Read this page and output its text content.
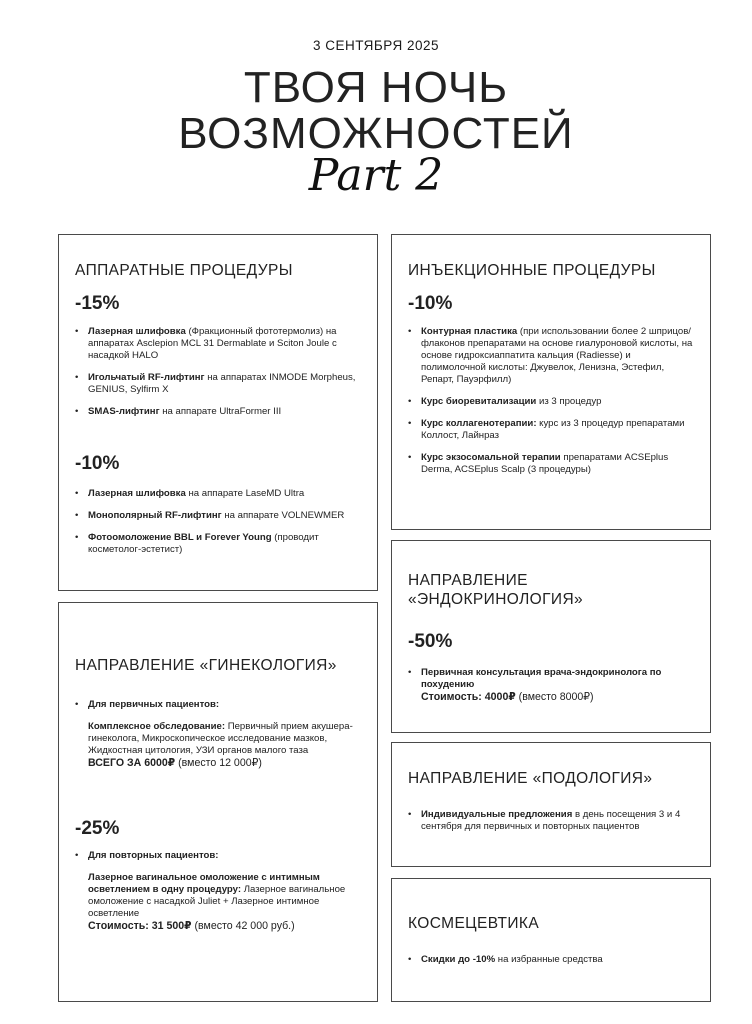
3 СЕНТЯБРЯ 2025
ТВОЯ НОЧЬ
ВОЗМОЖНОСТЕЙ
Part 2
АППАРАТНЫЕ ПРОЦЕДУРЫ
-15%
• Лазерная шлифовка (Фракционный фототермолиз) на аппаратах Asclepion MCL 31 Dermablate и Sciton Joule с насадкой HALO
• Игольчатый RF-лифтинг на аппаратах INMODE Morpheus, GENIUS, Sylfirm X
• SMAS-лифтинг на аппарате UltraFormer III
-10%
• Лазерная шлифовка на аппарате LaseMD Ultra
• Монополярный RF-лифтинг на аппарате VOLNEWMER
• Фотоомоложение BBL и Forever Young (проводит косметолог-эстетист)
ИНЪЕКЦИОННЫЕ ПРОЦЕДУРЫ
-10%
• Контурная пластика (при использовании более 2 шприцов/флаконов препаратами на основе гиалуроновой кислоты, на основе гидроксиаппатита кальция (Radiesse) и полимолочной кислоты: Джувелок, Ленизна, Эстефил, Репарт, Пауэрфилл)
• Курс биоревитализации из 3 процедур
• Курс коллагенотерапии: курс из 3 процедур препаратами Коллост, Лайнраз
• Курс экзосомальной терапии препаратами ACSEplus Derma, ACSEplus Scalp (3 процедуры)
НАПРАВЛЕНИЕ
«ЭНДОКРИНОЛОГИЯ»
-50%
• Первичная консультация врача-эндокринолога по похудению
Стоимость: 4000₽ (вместо 8000₽)
НАПРАВЛЕНИЕ «ГИНЕКОЛОГИЯ»
• Для первичных пациентов:
Комплексное обследование: Первичный прием акушера-гинеколога, Микроскопическое исследование мазков, Жидкостная цитология, УЗИ органов малого таза
ВСЕГО ЗА 6000₽ (вместо 12 000₽)
-25%
• Для повторных пациентов:
Лазерное вагинальное омоложение с интимным осветлением в одну процедуру: Лазерное вагинальное омоложение с насадкой Juliet + Лазерное интимное осветление
Стоимость: 31 500₽ (вместо 42 000 руб.)
НАПРАВЛЕНИЕ «ПОДОЛОГИЯ»
• Индивидуальные предложения в день посещения 3 и 4 сентября для первичных и повторных пациентов
КОСМЕЦЕВТИКА
• Скидки до -10% на избранные средства
